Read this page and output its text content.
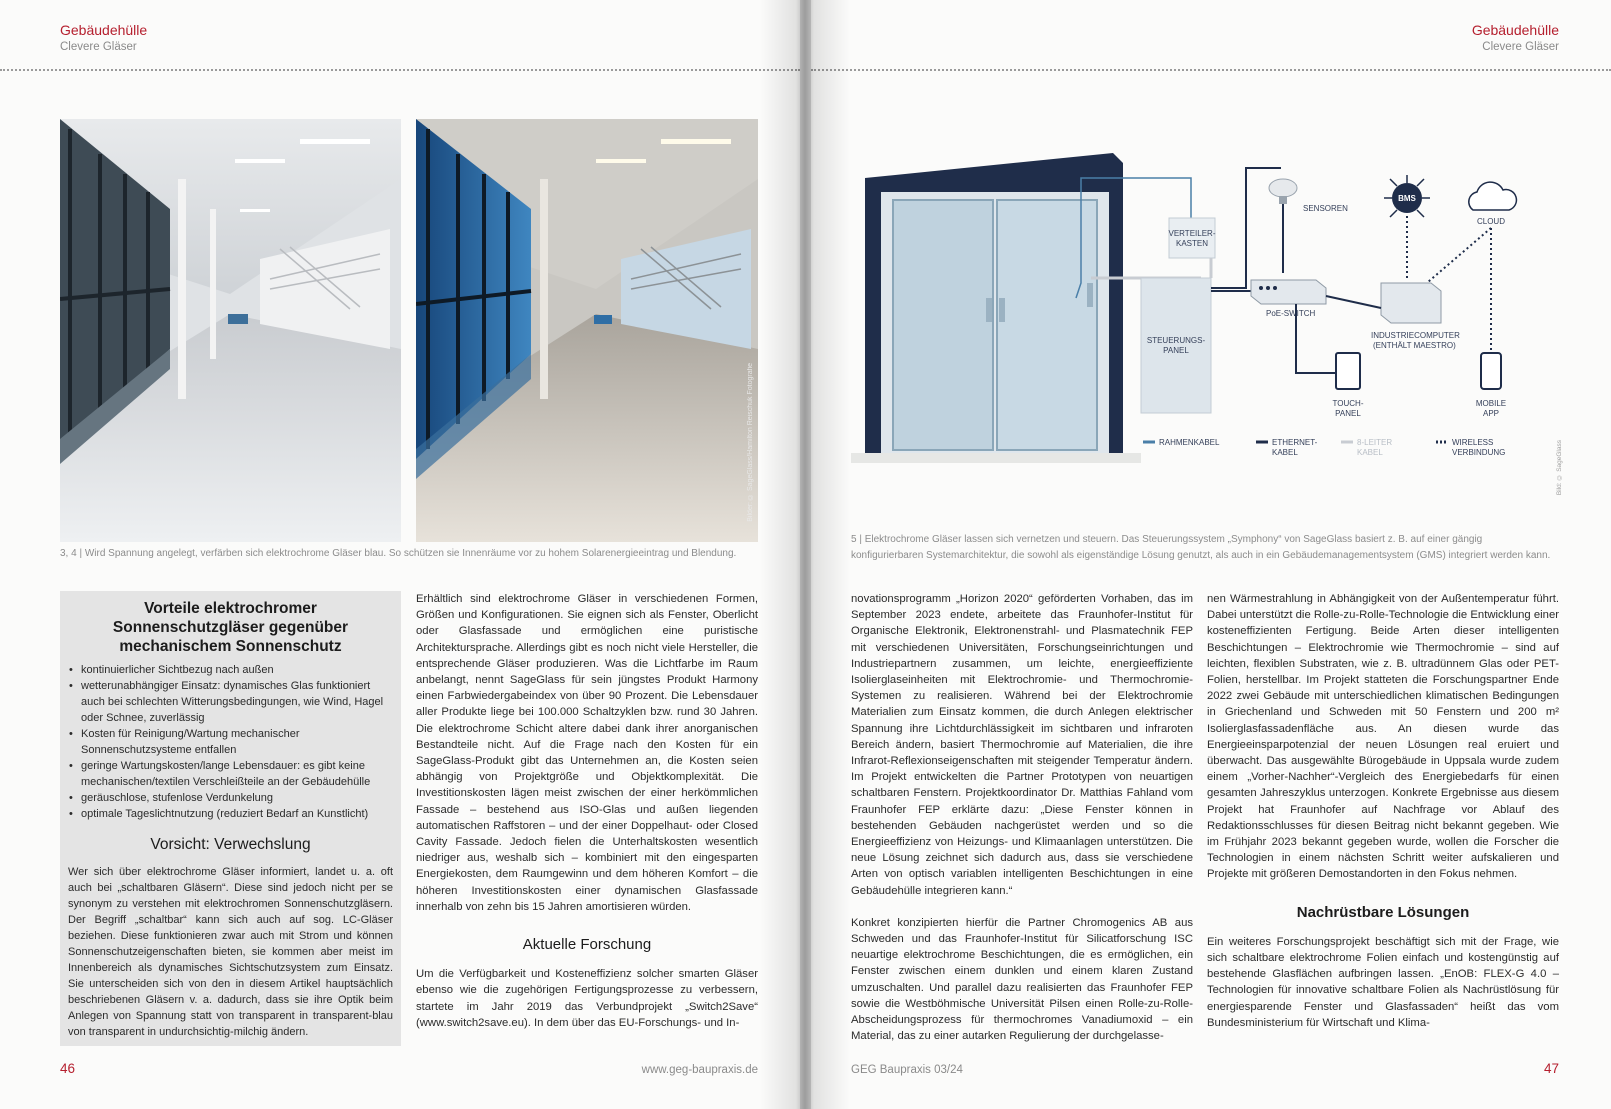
Gebäudehülle
Clevere Gläser
Bilder: © SageGlass/Hamilton Reischuk Fotografie
3, 4 | Wird Spannung angelegt, verfärben sich elektrochrome Gläser blau. So schützen sie Innenräume vor zu hohem Solarenergieeintrag und Blendung.
Vorteile elektrochromer Sonnenschutzgläser gegenüber mechanischem Sonnenschutz
• kontinuierlicher Sichtbezug nach außen
• wetterunabhängiger Einsatz: dynamisches Glas funktioniert auch bei schlechten Witterungsbedingungen, wie Wind, Hagel oder Schnee, zuverlässig
• Kosten für Reinigung/Wartung mechanischer Sonnenschutzsysteme entfallen
• geringe Wartungskosten/lange Lebensdauer: es gibt keine mechanischen/textilen Verschleißteile an der Gebäudehülle
• geräuschlose, stufenlose Verdunkelung
• optimale Tageslichtnutzung (reduziert Bedarf an Kunstlicht)
Vorsicht: Verwechslung

Wer sich über elektrochrome Gläser informiert, landet u. a. oft auch bei „schaltbaren Gläsern“. Diese sind jedoch nicht per se synonym zu verstehen mit elektrochromen Sonnenschutzgläsern. Der Begriff „schaltbar“ kann sich auch auf sog. LC-Gläser beziehen. Diese funktionieren zwar auch mit Strom und können Sonnenschutzeigenschaften bieten, sie kommen aber meist im Innenbereich als dynamisches Sichtschutzsystem zum Einsatz. Sie unterscheiden sich von den in diesem Artikel hauptsächlich beschriebenen Gläsern v. a. dadurch, dass sie ihre Optik beim Anlegen von Spannung statt von transparent in transparent-blau von transparent in undurchsichtig-milchig ändern.

Erhältlich sind elektrochrome Gläser in verschiedenen Formen, Größen und Konfigurationen. Sie eignen sich als Fenster, Oberlicht oder Glasfassade und ermöglichen eine puristische Architektursprache. Allerdings gibt es noch nicht viele Hersteller, die entsprechende Gläser produzieren. Was die Lichtfarbe im Raum anbelangt, nennt SageGlass für sein jüngstes Produkt Harmony einen Farbwiedergabeindex von über 90 Prozent. Die Lebensdauer aller Produkte liege bei 100.000 Schaltzyklen bzw. rund 30 Jahren. Die elektrochrome Schicht altere dabei dank ihrer anorganischen Bestandteile nicht. Auf die Frage nach den Kosten für ein SageGlass-Produkt gibt das Unternehmen an, die Kosten seien abhängig von Projektgröße und Objektkomplexität. Die Investitionskosten lägen meist zwischen der einer herkömmlichen Fassade – bestehend aus ISO-Glas und außen liegenden automatischen Raffstoren – und der einer Doppelhaut- oder Closed Cavity Fassade. Jedoch fielen die Unterhaltskosten wesentlich niedriger aus, weshalb sich – kombiniert mit den eingesparten Energiekosten, dem Raumgewinn und dem höheren Komfort – die höheren Investitionskosten einer dynamischen Glasfassade innerhalb von zehn bis 15 Jahren amortisieren würden.

Aktuelle Forschung

Um die Verfügbarkeit und Kosteneffizienz solcher smarten Gläser ebenso wie die zugehörigen Fertigungsprozesse zu verbessern, startete im Jahr 2019 das Verbundprojekt „Switch2Save“ (www.switch2save.eu). In dem über das EU-Forschungs- und In-

46	www.geg-baupraxis.de
Gebäudehülle
Clevere Gläser
VERTEILER-
KASTEN
STEUERUNGS-
PANEL
SENSOREN
PoE-SWITCH
BMS
CLOUD
INDUSTRIECOMPUTER
(ENTHÄLT MAESTRO)
TOUCH-
PANEL
MOBILE
APP
RAHMENKABEL	ETHERNET-
KABEL
8-LEITER
KABEL
WIRELESS
VERBINDUNG	Bild: © SageGlass
5 | Elektrochrome Gläser lassen sich vernetzen und steuern. Das Steuerungssystem „Symphony“ von SageGlass basiert z. B. auf einer gängig konfigurierbaren Systemarchitektur, die sowohl als eigenständige Lösung genutzt, als auch in ein Gebäudemanagementsystem (GMS) integriert werden kann.

novationsprogramm „Horizon 2020“ geförderten Vorhaben, das im September 2023 endete, arbeitete das Fraunhofer-Institut für Organische Elektronik, Elektronenstrahl- und Plasmatechnik FEP mit verschiedenen Universitäten, Forschungseinrichtungen und Industriepartnern zusammen, um leichte, energieeffiziente Isolierglaseinheiten mit Elektrochromie- und Thermochromie-Systemen zu realisieren. Während bei der Elektrochromie Materialien zum Einsatz kommen, die durch Anlegen elektrischer Spannung ihre Lichtdurchlässigkeit im sichtbaren und infraroten Bereich ändern, basiert Thermochromie auf Materialien, die ihre Infrarot-Reflexionseigenschaften mit steigender Temperatur ändern. Im Projekt entwickelten die Partner Prototypen von neuartigen schaltbaren Fenstern. Projektkoordinator Dr. Matthias Fahland vom Fraunhofer FEP erklärte dazu: „Diese Fenster können in bestehenden Gebäuden nachgerüstet werden und so die Energieeffizienz von Heizungs- und Klimaanlagen unterstützen. Die neue Lösung zeichnet sich dadurch aus, dass sie verschiedene Arten von optisch variablen intelligenten Beschichtungen in eine Gebäudehülle integrieren kann.“

Konkret konzipierten hierfür die Partner Chromogenics AB aus Schweden und das Fraunhofer-Institut für Silicatforschung ISC neuartige elektrochrome Beschichtungen, die es ermöglichen, ein Fenster zwischen einem dunklen und einem klaren Zustand umzuschalten. Und parallel dazu realisierten das Fraunhofer FEP sowie die Westböhmische Universität Pilsen einen Rolle-zu-Rolle-Abscheidungsprozess für thermochromes Vanadiumoxid – ein Material, das zu einer autarken Regulierung der durchgelasse-

nen Wärmestrahlung in Abhängigkeit von der Außentemperatur führt. Dabei unterstützt die Rolle-zu-Rolle-Technologie die Entwicklung einer kosteneffizienten Fertigung. Beide Arten dieser intelligenten Beschichtungen – Elektrochromie wie Thermochromie – sind auf leichten, flexiblen Substraten, wie z. B. ultradünnem Glas oder PET-Folien, herstellbar. Im Projekt statteten die Forschungspartner Ende 2022 zwei Gebäude mit unterschiedlichen klimatischen Bedingungen in Griechenland und Schweden mit 50 Fenstern und 200 m² Isolierglasfassadenfläche aus. An diesen wurde das Energieeinsparpotenzial der neuen Lösungen real eruiert und überwacht. Das ausgewählte Bürogebäude in Uppsala wurde zudem einem „Vorher-Nachher“-Vergleich des Energiebedarfs für einen gesamten Jahreszyklus unterzogen. Konkrete Ergebnisse aus diesem Projekt hat Fraunhofer auf Nachfrage vor Ablauf des Redaktionsschlusses für diesen Beitrag nicht bekannt gegeben. Wie im Frühjahr 2023 bekannt gegeben wurde, wollen die Forscher die Technologien in einem nächsten Schritt weiter aufskalieren und Projekte mit größeren Demostandorten in den Fokus nehmen.

Nachrüstbare Lösungen

Ein weiteres Forschungsprojekt beschäftigt sich mit der Frage, wie sich schaltbare elektrochrome Folien einfach und kostengünstig auf bestehende Glasflächen aufbringen lassen. „EnOB: FLEX-G 4.0 – Technologien für innovative schaltbare Folien als Nachrüstlösung für energiesparende Fenster und Glasfassaden“ heißt das vom Bundesministerium für Wirtschaft und Klima-

GEG Baupraxis 03/24	47
